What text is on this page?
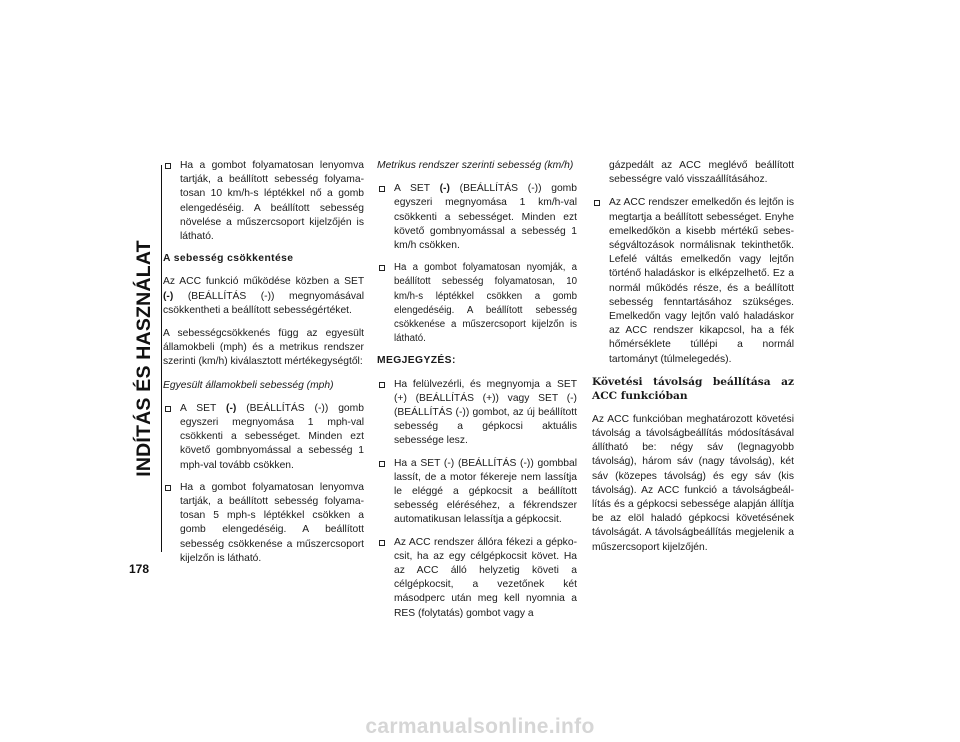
INDÍTÁS ÉS HASZNÁLAT
178
Ha a gombot folyamatosan lenyomva tartják, a beállított sebesség folyamatosan 10 km/h-s léptékkel nő a gomb elengedéséig. A beállított sebesség növelése a műszercsoport kijelzőjén is látható.

A sebesség csökkentése

Az ACC funkció működése közben a SET (-) (BEÁLLÍTÁS (-)) megnyomásával csökkentheti a beállított sebességértéket.

A sebességcsökkenés függ az egyesült államokbeli (mph) és a metrikus rendszer szerinti (km/h) kiválasztott mértékegységtől:

Egyesült államokbeli sebesség (mph)

A SET (-) (BEÁLLÍTÁS (-)) gomb egyszeri megnyomása 1 mph-val csökkenti a sebességet. Minden ezt követő gombnyomással a sebesség 1 mph-val tovább csökken.
Ha a gombot folyamatosan lenyomva tartják, a beállított sebesség folyamatosan 5 mph-s léptékkel csökken a gomb elengedéséig. A beállított sebesség csökkenése a műszercsoport kijelzőn is látható.

Metrikus rendszer szerinti sebesség (km/h)

A SET (-) (BEÁLLÍTÁS (-)) gomb egyszeri megnyomása 1 km/h-val csökkenti a sebességet. Minden ezt követő gombnyomással a sebesség 1 km/h csökken.
Ha a gombot folyamatosan nyomják, a beállított sebesség folyamatosan, 10 km/h-s léptékkel csökken a gomb elengedéséig. A beállított sebesség csökkenése a műszercsoport kijelzőn is látható.

MEGJEGYZÉS:

Ha felülvezérli, és megnyomja a SET (+) (BEÁLLÍTÁS (+)) vagy SET (-) (BEÁLLÍTÁS (-)) gombot, az új beállított sebesség a gépkocsi aktuális sebessége lesz.
Ha a SET (-) (BEÁLLÍTÁS (-)) gombbal lassít, de a motor fékereje nem lassítja le eléggé a gépkocsit a beállított sebesség eléréséhez, a fékrendszer automatikusan lelassítja a gépkocsit.
Az ACC rendszer állóra fékezi a gépkocsit, ha az egy célgépkocsit követ. Ha az ACC álló helyzetig követi a célgépkocsit, a vezetőnek két másodperc után meg kell nyomnia a RES (folytatás) gombot vagy a

gázpedált az ACC meglévő beállított sebességre való visszaállításához.

Az ACC rendszer emelkedőn és lejtőn is megtartja a beállított sebességet. Enyhe emelkedőkön a kisebb mértékű sebességváltozások normálisnak tekinthetők. Lefelé váltás emelkedőn vagy lejtőn történő haladáskor is elképzelhető. Ez a normál működés része, és a beállított sebesség fenntartásához szükséges. Emelkedőn vagy lejtőn való haladáskor az ACC rendszer kikapcsol, ha a fék hőmérséklete túllépi a normál tartományt (túlmelegedés).

Követési távolság beállítása az ACC funkcióban

Az ACC funkcióban meghatározott követési távolság a távolságbeállítás módosításával állítható be: négy sáv (legnagyobb távolság), három sáv (nagy távolság), két sáv (közepes távolság) és egy sáv (kis távolság). Az ACC funkció a távolságbeállítás és a gépkocsi sebessége alapján állítja be az elöl haladó gépkocsi követésének távolságát. A távolságbeállítás megjelenik a műszercsoport kijelzőjén.

carmanualsonline.info
